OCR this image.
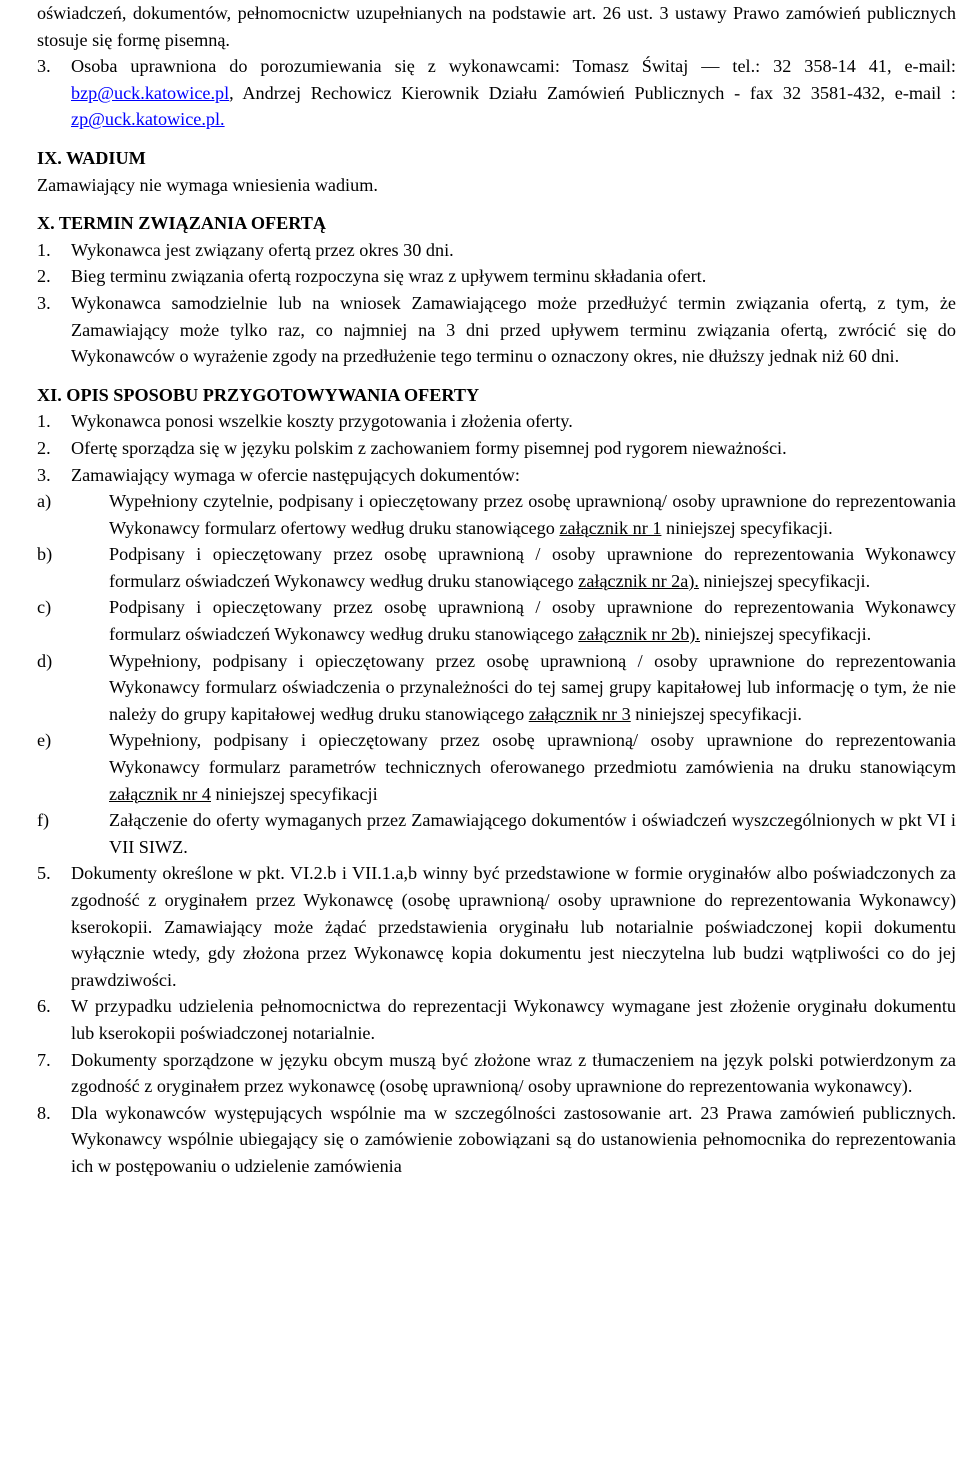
oświadczeń, dokumentów, pełnomocnictw uzupełnianych na podstawie art. 26 ust. 3 ustawy Prawo zamówień publicznych stosuje się formę pisemną.

3. Osoba uprawniona do porozumiewania się z wykonawcami: Tomasz Świtaj — tel.: 32 358-14 41, e-mail: bzp@uck.katowice.pl, Andrzej Rechowicz Kierownik Działu Zamówień Publicznych - fax 32 3581-432, e-mail : zp@uck.katowice.pl.

IX. WADIUM

Zamawiający nie wymaga wniesienia wadium.

X. TERMIN ZWIĄZANIA OFERTĄ

1. Wykonawca jest związany ofertą przez okres 30 dni.
2. Bieg terminu związania ofertą rozpoczyna się wraz z upływem terminu składania ofert.
3. Wykonawca samodzielnie lub na wniosek Zamawiającego może przedłużyć termin związania ofertą, z tym, że Zamawiający może tylko raz, co najmniej na 3 dni przed upływem terminu związania ofertą, zwrócić się do Wykonawców o wyrażenie zgody na przedłużenie tego terminu o oznaczony okres, nie dłuższy jednak niż 60 dni.

XI. OPIS SPOSOBU PRZYGOTOWYWANIA OFERTY

1. Wykonawca ponosi wszelkie koszty przygotowania i złożenia oferty.
2. Ofertę sporządza się w języku polskim z zachowaniem formy pisemnej pod rygorem nieważności.
3. Zamawiający wymaga w ofercie następujących dokumentów:
a)	Wypełniony czytelnie, podpisany i opieczętowany przez osobę uprawnioną/ osoby uprawnione do reprezentowania Wykonawcy formularz ofertowy według druku stanowiącego załącznik nr 1 niniejszej specyfikacji.
b)	Podpisany i opieczętowany przez osobę uprawnioną / osoby uprawnione do reprezentowania Wykonawcy formularz oświadczeń Wykonawcy według druku stanowiącego załącznik nr 2a). niniejszej specyfikacji.
c)	Podpisany i opieczętowany przez osobę uprawnioną / osoby uprawnione do reprezentowania Wykonawcy formularz oświadczeń Wykonawcy według druku stanowiącego załącznik nr 2b). niniejszej specyfikacji.
d)	Wypełniony, podpisany i opieczętowany przez osobę uprawnioną / osoby uprawnione do reprezentowania Wykonawcy formularz oświadczenia o przynależności do tej samej grupy kapitałowej lub informację o tym, że nie należy do grupy kapitałowej według druku stanowiącego załącznik nr 3 niniejszej specyfikacji.
e)	Wypełniony, podpisany i opieczętowany przez osobę uprawnioną/ osoby uprawnione do reprezentowania Wykonawcy formularz parametrów technicznych oferowanego przedmiotu zamówienia na druku stanowiącym załącznik nr 4 niniejszej specyfikacji
f)	Załączenie do oferty wymaganych przez Zamawiającego dokumentów i oświadczeń wyszczególnionych w pkt VI i VII SIWZ.
5. Dokumenty określone w pkt. VI.2.b i VII.1.a,b winny być przedstawione w formie oryginałów albo poświadczonych za zgodność z oryginałem przez Wykonawcę (osobę uprawnioną/ osoby uprawnione do reprezentowania Wykonawcy) kserokopii. Zamawiający może żądać przedstawienia oryginału lub notarialnie poświadczonej kopii dokumentu wyłącznie wtedy, gdy złożona przez Wykonawcę kopia dokumentu jest nieczytelna lub budzi wątpliwości co do jej prawdziwości.
6. W przypadku udzielenia pełnomocnictwa do reprezentacji Wykonawcy wymagane jest złożenie oryginału dokumentu lub kserokopii poświadczonej notarialnie.
7. Dokumenty sporządzone w języku obcym muszą być złożone wraz z tłumaczeniem na język polski potwierdzonym za zgodność z oryginałem przez wykonawcę (osobę uprawnioną/ osoby uprawnione do reprezentowania wykonawcy).
8. Dla wykonawców występujących wspólnie ma w szczególności zastosowanie art. 23 Prawa zamówień publicznych. Wykonawcy wspólnie ubiegający się o zamówienie zobowiązani są do ustanowienia pełnomocnika do reprezentowania ich w postępowaniu o udzielenie zamówienia
